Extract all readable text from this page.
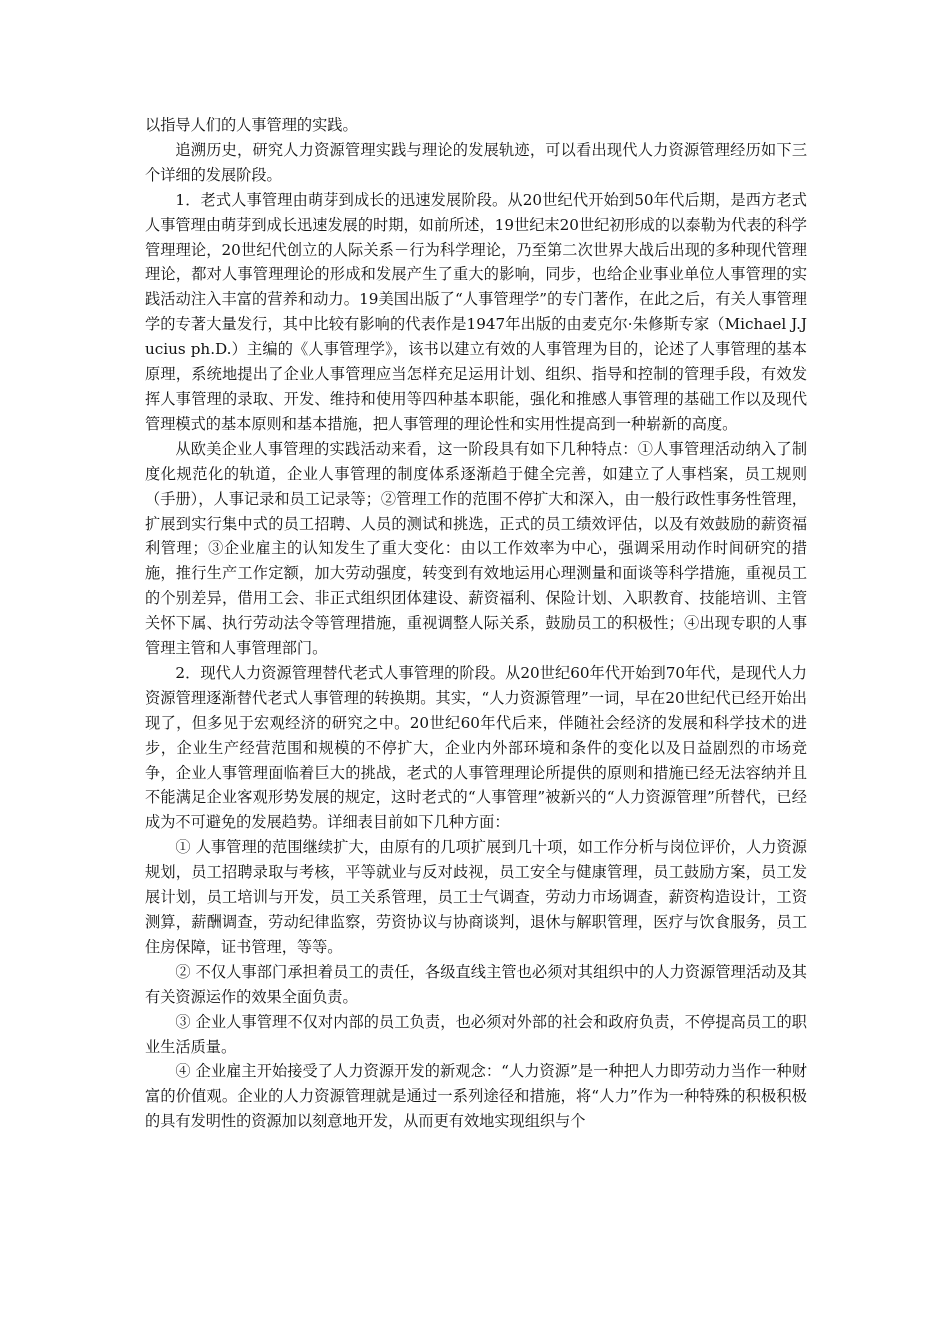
以指导人们的人事管理的实践。

追溯历史，研究人力资源管理实践与理论的发展轨迹，可以看出现代人力资源管理经历如下三个详细的发展阶段。

1．老式人事管理由萌芽到成长的迅速发展阶段。从20世纪代开始到50年代后期，是西方老式人事管理由萌芽到成长迅速发展的时期，如前所述，19世纪末20世纪初形成的以泰勒为代表的科学管理理论，20世纪代创立的人际关系－行为科学理论，乃至第二次世界大战后出现的多种现代管理理论，都对人事管理理论的形成和发展产生了重大的影响，同步，也给企业事业单位人事管理的实践活动注入丰富的营养和动力。19美国出版了“人事管理学”的专门著作，在此之后，有关人事管理学的专著大量发行，其中比较有影响的代表作是1947年出版的由麦克尔·朱修斯专家（Michael J.Jucius ph.D.）主编的《人事管理学》，该书以建立有效的人事管理为目的，论述了人事管理的基本原理，系统地提出了企业人事管理应当怎样充足运用计划、组织、指导和控制的管理手段，有效发挥人事管理的录取、开发、维持和使用等四种基本职能，强化和推感人事管理的基础工作以及现代管理模式的基本原则和基本措施，把人事管理的理论性和实用性提高到一种崭新的高度。

从欧美企业人事管理的实践活动来看，这一阶段具有如下几种特点：①人事管理活动纳入了制度化规范化的轨道，企业人事管理的制度体系逐渐趋于健全完善，如建立了人事档案，员工规则（手册），人事记录和员工记录等；②管理工作的范围不停扩大和深入，由一般行政性事务性管理，扩展到实行集中式的员工招聘、人员的测试和挑选，正式的员工绩效评估，以及有效鼓励的薪资福利管理；③企业雇主的认知发生了重大变化：由以工作效率为中心，强调采用动作时间研究的措施，推行生产工作定额，加大劳动强度，转变到有效地运用心理测量和面谈等科学措施，重视员工的个别差异，借用工会、非正式组织团体建设、薪资福利、保险计划、入职教育、技能培训、主管关怀下属、执行劳动法令等管理措施，重视调整人际关系，鼓励员工的积极性；④出现专职的人事管理主管和人事管理部门。

2．现代人力资源管理替代老式人事管理的阶段。从20世纪60年代开始到70年代，是现代人力资源管理逐渐替代老式人事管理的转换期。其实，“人力资源管理”一词，早在20世纪代已经开始出现了，但多见于宏观经济的研究之中。20世纪60年代后来，伴随社会经济的发展和科学技术的进步，企业生产经营范围和规模的不停扩大，企业内外部环境和条件的变化以及日益剧烈的市场竞争，企业人事管理面临着巨大的挑战，老式的人事管理理论所提供的原则和措施已经无法容纳并且不能满足企业客观形势发展的规定，这时老式的“人事管理”被新兴的“人力资源管理”所替代，已经成为不可避免的发展趋势。详细表目前如下几种方面：

① 人事管理的范围继续扩大，由原有的几项扩展到几十项，如工作分析与岗位评价，人力资源规划，员工招聘录取与考核，平等就业与反对歧视，员工安全与健康管理，员工鼓励方案，员工发展计划，员工培训与开发，员工关系管理，员工士气调查，劳动力市场调查，薪资构造设计，工资测算，薪酬调查，劳动纪律监察，劳资协议与协商谈判，退休与解职管理，医疗与饮食服务，员工住房保障，证书管理，等等。

② 不仅人事部门承担着员工的责任，各级直线主管也必须对其组织中的人力资源管理活动及其有关资源运作的效果全面负责。

③ 企业人事管理不仅对内部的员工负责，也必须对外部的社会和政府负责，不停提高员工的职业生活质量。

④ 企业雇主开始接受了人力资源开发的新观念：“人力资源”是一种把人力即劳动力当作一种财富的价值观。企业的人力资源管理就是通过一系列途径和措施，将“人力”作为一种特殊的积极积极的具有发明性的资源加以刻意地开发，从而更有效地实现组织与个
